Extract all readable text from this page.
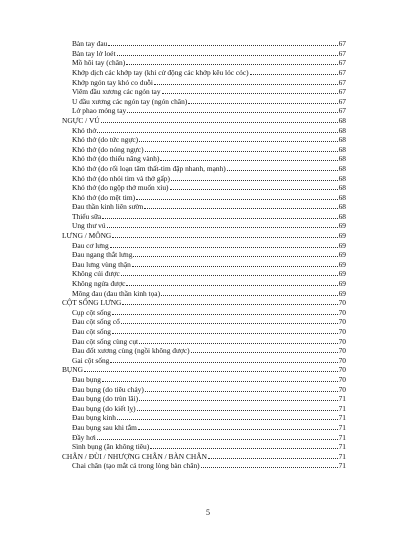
Bàn tay đau	67
Bàn tay lở loét	67
Mồ hôi tay (chân)	67
Khớp dịch các khớp tay (khi cử động các khớp kêu lóc cóc)	67
Khớp ngón tay khó co duỗi	67
Viêm đầu xương các ngón tay	67
U đầu xương các ngón tay (ngón chân)	67
Lở phao móng tay	67
NGỰC / VÚ	68
Khó thở	68
Khó thở (do tức ngực)	68
Khó thở (do nóng ngực)	68
Khó thở (do thiểu năng vành)	68
Khó thở (do rối loạn tâm thất-tim đập nhanh, mạnh)	68
Khó thở (do nhói tim và thở gấp)	68
Khó thở (do ngộp thở muốn xỉu)	68
Khó thở (do mệt tim)	68
Đau thần kinh liên sườn	68
Thiểu sữa	68
Ung thư vú	69
LƯNG / MÔNG	69
Đau cơ lưng	69
Đau ngang thắt lưng	69
Đau lưng vùng thận	69
Không cúi được	69
Không ngửa được	69
Mông đau (đau thần kinh tọa)	69
CỘT SỐNG LƯNG	70
Cụp cột sống	70
Đau cột sống cổ	70
Đau cột sống	70
Đau cột sống cùng cụt	70
Đau đốt xương cùng (ngồi không được)	70
Gai cột sống	70
BỤNG	70
Đau bụng	70
Đau bụng (do tiêu chảy)	70
Đau bụng (do trùn lãi)	71
Đau bụng (do kiết lỵ)	71
Đau bụng kinh	71
Đau bụng sau khi tắm	71
Đầy hơi	71
Sình bụng (ăn không tiêu)	71
CHÂN / ĐÙI / NHƯỢNG CHÂN / BÀN CHÂN	71
Chai chân (tạo mắt cá trong lòng bàn chân)	71
5
